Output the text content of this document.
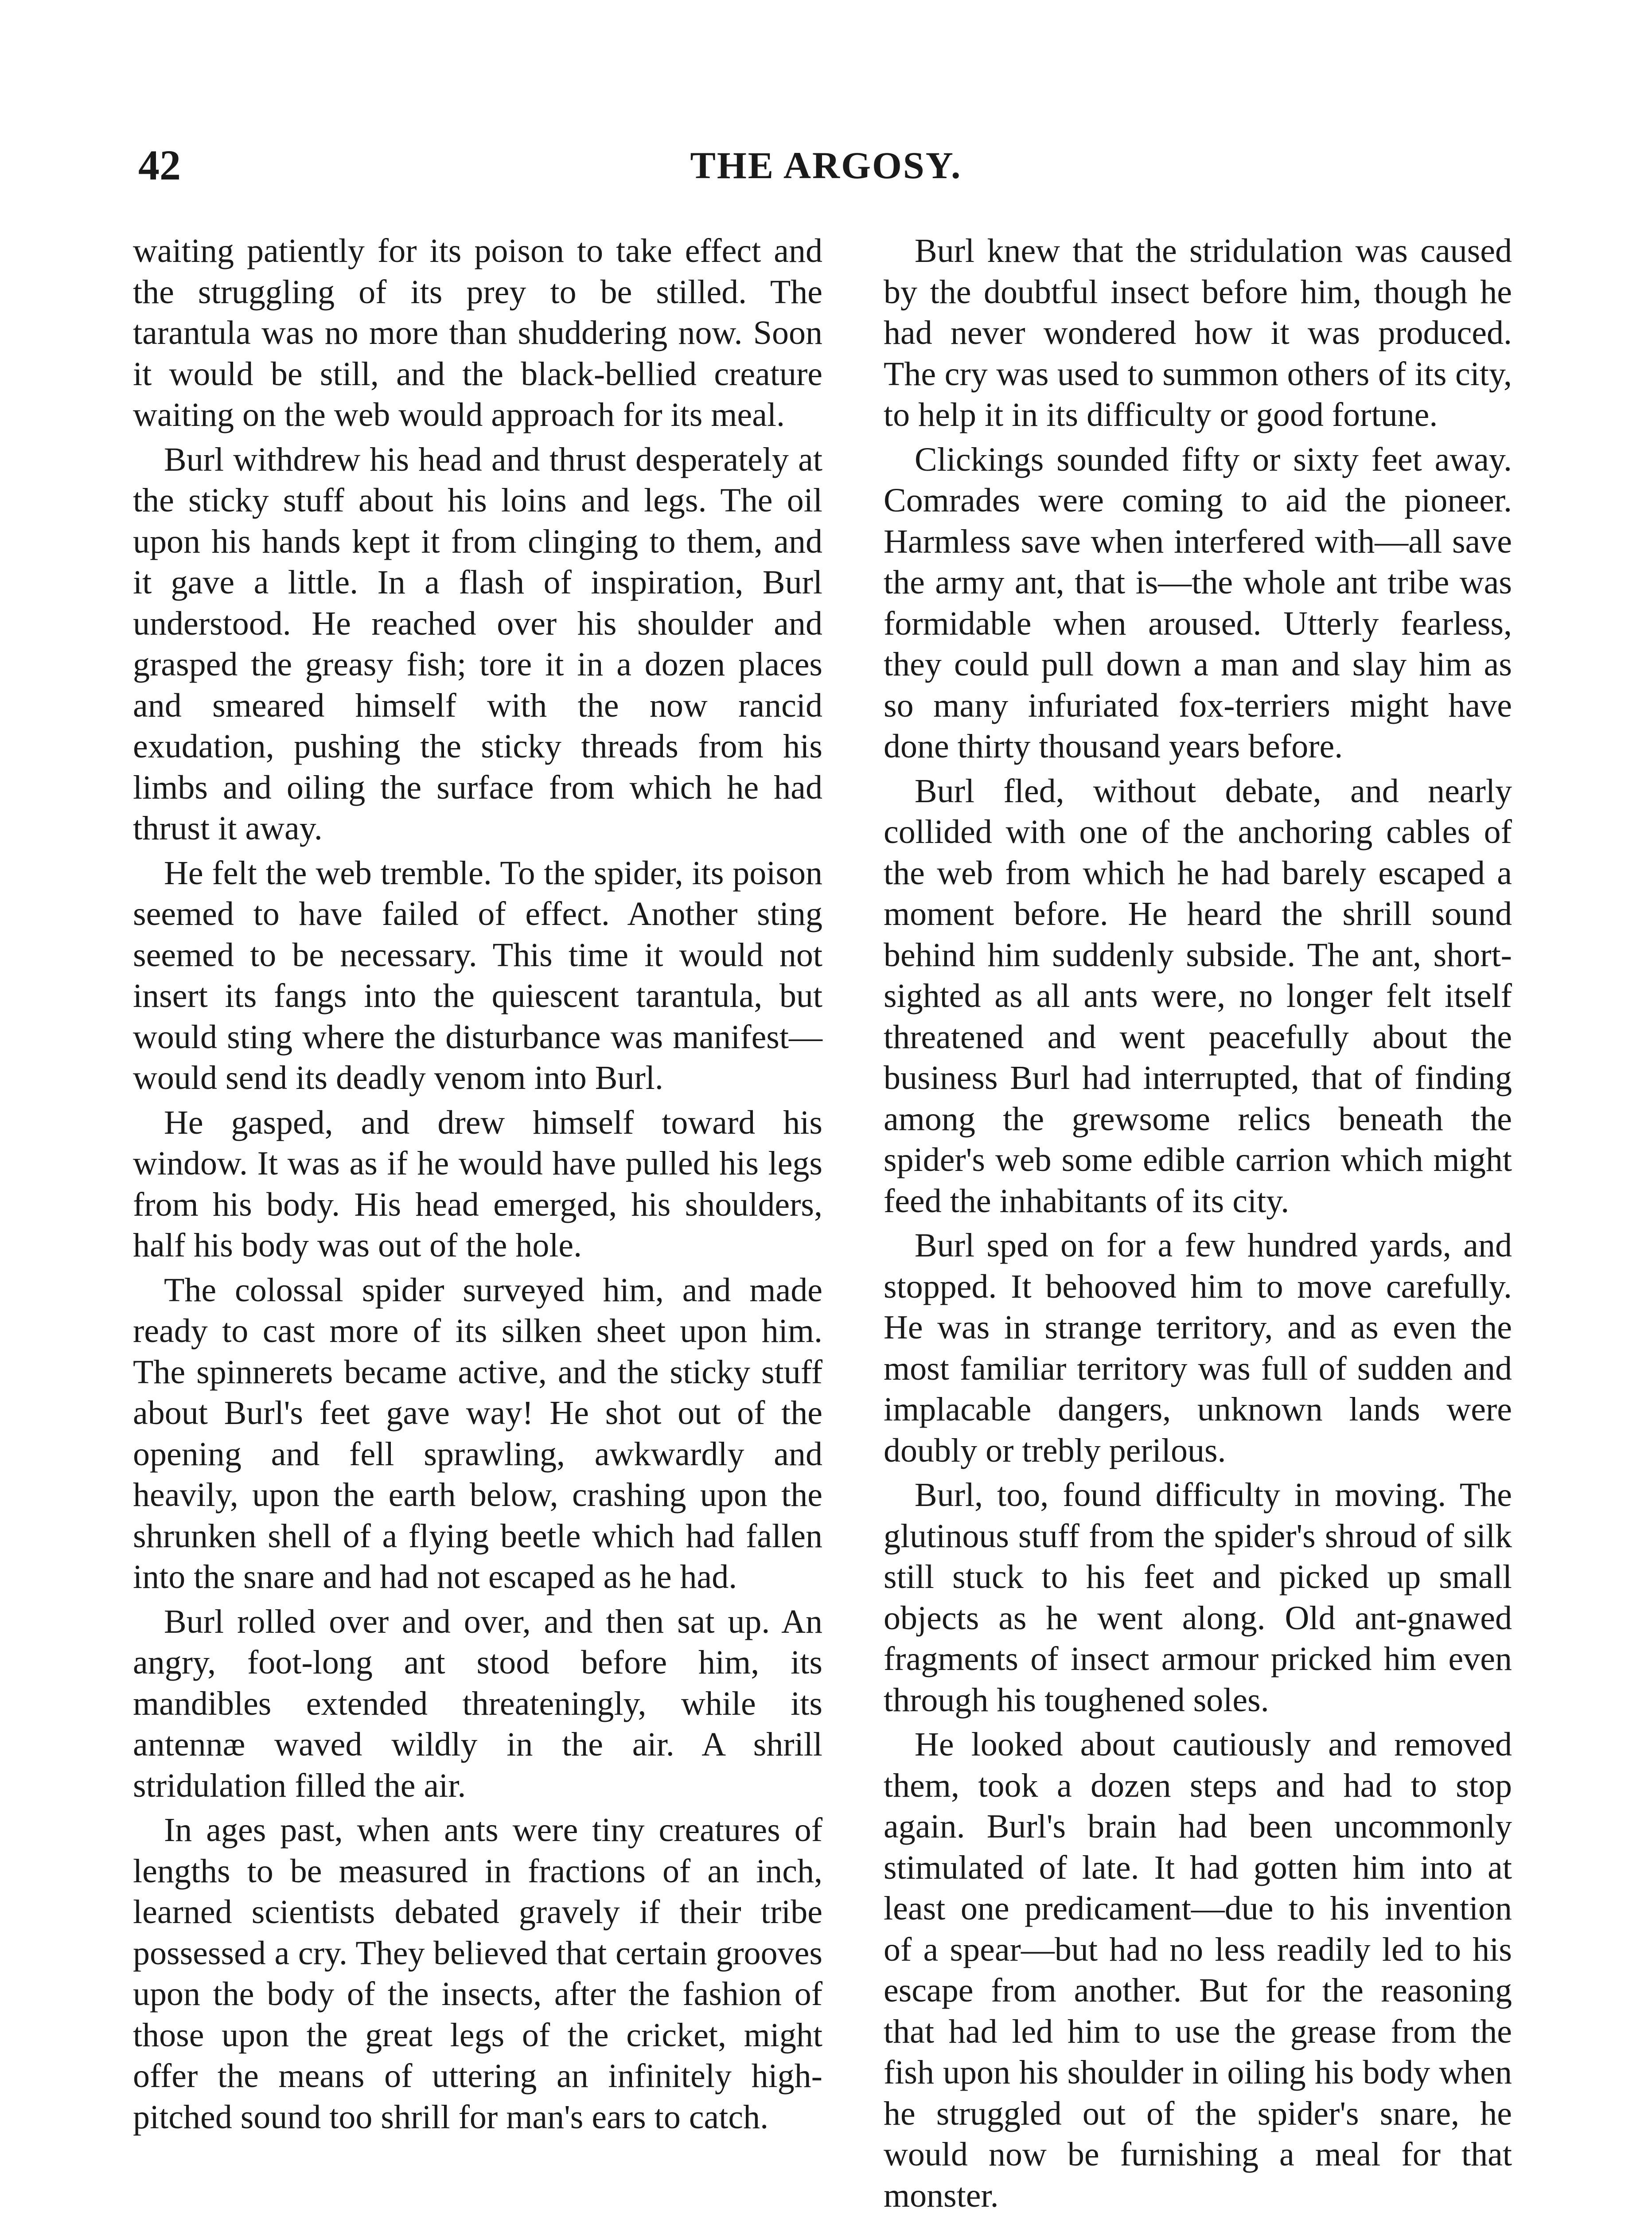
42	THE ARGOSY.

waiting patiently for its poison to take effect and the struggling of its prey to be stilled. The tarantula was no more than shuddering now. Soon it would be still, and the black-bellied creature waiting on the web would approach for its meal.

Burl withdrew his head and thrust desperately at the sticky stuff about his loins and legs. The oil upon his hands kept it from clinging to them, and it gave a little. In a flash of inspiration, Burl understood. He reached over his shoulder and grasped the greasy fish; tore it in a dozen places and smeared himself with the now rancid exudation, pushing the sticky threads from his limbs and oiling the surface from which he had thrust it away.

He felt the web tremble. To the spider, its poison seemed to have failed of effect. Another sting seemed to be necessary. This time it would not insert its fangs into the quiescent tarantula, but would sting where the disturbance was manifest—would send its deadly venom into Burl.

He gasped, and drew himself toward his window. It was as if he would have pulled his legs from his body. His head emerged, his shoulders, half his body was out of the hole.

The colossal spider surveyed him, and made ready to cast more of its silken sheet upon him. The spinnerets became active, and the sticky stuff about Burl's feet gave way! He shot out of the opening and fell sprawling, awkwardly and heavily, upon the earth below, crashing upon the shrunken shell of a flying beetle which had fallen into the snare and had not escaped as he had.

Burl rolled over and over, and then sat up. An angry, foot-long ant stood before him, its mandibles extended threateningly, while its antennæ waved wildly in the air. A shrill stridulation filled the air.

In ages past, when ants were tiny creatures of lengths to be measured in fractions of an inch, learned scientists debated gravely if their tribe possessed a cry. They believed that certain grooves upon the body of the insects, after the fashion of those upon the great legs of the cricket, might offer the means of uttering an infinitely high-pitched sound too shrill for man's ears to catch.

Burl knew that the stridulation was caused by the doubtful insect before him, though he had never wondered how it was produced. The cry was used to summon others of its city, to help it in its difficulty or good fortune.

Clickings sounded fifty or sixty feet away. Comrades were coming to aid the pioneer. Harmless save when interfered with—all save the army ant, that is—the whole ant tribe was formidable when aroused. Utterly fearless, they could pull down a man and slay him as so many infuriated fox-terriers might have done thirty thousand years before.

Burl fled, without debate, and nearly collided with one of the anchoring cables of the web from which he had barely escaped a moment before. He heard the shrill sound behind him suddenly subside. The ant, short-sighted as all ants were, no longer felt itself threatened and went peacefully about the business Burl had interrupted, that of finding among the grewsome relics beneath the spider's web some edible carrion which might feed the inhabitants of its city.

Burl sped on for a few hundred yards, and stopped. It behooved him to move carefully. He was in strange territory, and as even the most familiar territory was full of sudden and implacable dangers, unknown lands were doubly or trebly perilous.

Burl, too, found difficulty in moving. The glutinous stuff from the spider's shroud of silk still stuck to his feet and picked up small objects as he went along. Old ant-gnawed fragments of insect armour pricked him even through his toughened soles.

He looked about cautiously and removed them, took a dozen steps and had to stop again. Burl's brain had been uncommonly stimulated of late. It had gotten him into at least one predicament—due to his invention of a spear—but had no less readily led to his escape from another. But for the reasoning that had led him to use the grease from the fish upon his shoulder in oiling his body when he struggled out of the spider's snare, he would now be furnishing a meal for that monster.
